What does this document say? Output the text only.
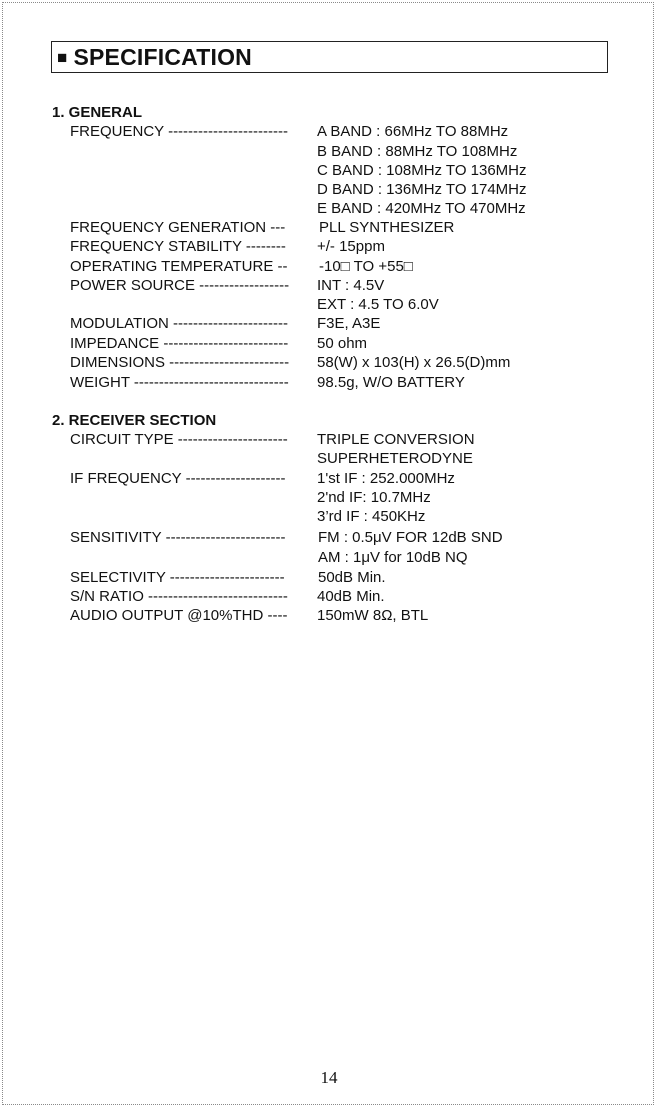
■ SPECIFICATION
1. GENERAL
FREQUENCY ------------------------ A BAND : 66MHz TO 88MHz
B BAND : 88MHz TO 108MHz
C BAND : 108MHz TO 136MHz
D BAND : 136MHz TO 174MHz
E BAND : 420MHz TO 470MHz
FREQUENCY GENERATION --- PLL SYNTHESIZER
FREQUENCY STABILITY -------- +/- 15ppm
OPERATING TEMPERATURE -- -10□ TO +55□
POWER SOURCE ------------------ INT : 4.5V
EXT : 4.5 TO 6.0V
MODULATION ----------------------- F3E, A3E
IMPEDANCE ------------------------- 50 ohm
DIMENSIONS ------------------------ 58(W) x 103(H) x 26.5(D)mm
WEIGHT ------------------------------- 98.5g, W/O BATTERY
2. RECEIVER SECTION
CIRCUIT TYPE ---------------------- TRIPLE CONVERSION
SUPERHETERODYNE
IF FREQUENCY -------------------- 1'st IF : 252.000MHz
2'nd IF: 10.7MHz
3’rd IF : 450KHz
SENSITIVITY ------------------------ FM : 0.5μV FOR 12dB SND
AM : 1μV for 10dB NQ
SELECTIVITY ----------------------- 50dB Min.
S/N RATIO ---------------------------- 40dB Min.
AUDIO OUTPUT @10%THD ---- 150mW 8Ω, BTL
14
